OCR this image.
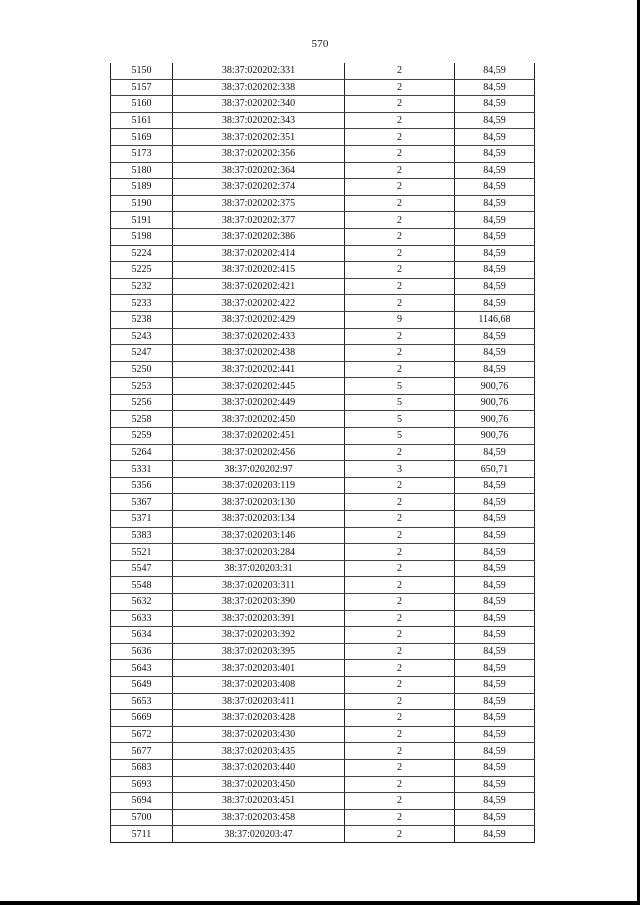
570
5150	38:37:020202:331	2	84,59
5157	38:37:020202:338	2	84,59
5160	38:37:020202:340	2	84,59
5161	38:37:020202:343	2	84,59
5169	38:37:020202:351	2	84,59
5173	38:37:020202:356	2	84,59
5180	38:37:020202:364	2	84,59
5189	38:37:020202:374	2	84,59
5190	38:37:020202:375	2	84,59
5191	38:37:020202:377	2	84,59
5198	38:37:020202:386	2	84,59
5224	38:37:020202:414	2	84,59
5225	38:37:020202:415	2	84,59
5232	38:37:020202:421	2	84,59
5233	38:37:020202:422	2	84,59
5238	38:37:020202:429	9	1146,68
5243	38:37:020202:433	2	84,59
5247	38:37:020202:438	2	84,59
5250	38:37:020202:441	2	84,59
5253	38:37:020202:445	5	900,76
5256	38:37:020202:449	5	900,76
5258	38:37:020202:450	5	900,76
5259	38:37:020202:451	5	900,76
5264	38:37:020202:456	2	84,59
5331	38:37:020202:97	3	650,71
5356	38:37:020203:119	2	84,59
5367	38:37:020203:130	2	84,59
5371	38:37:020203:134	2	84,59
5383	38:37:020203:146	2	84,59
5521	38:37:020203:284	2	84,59
5547	38:37:020203:31	2	84,59
5548	38:37:020203:311	2	84,59
5632	38:37:020203:390	2	84,59
5633	38:37:020203:391	2	84,59
5634	38:37:020203:392	2	84,59
5636	38:37:020203:395	2	84,59
5643	38:37:020203:401	2	84,59
5649	38:37:020203:408	2	84,59
5653	38:37:020203:411	2	84,59
5669	38:37:020203:428	2	84,59
5672	38:37:020203:430	2	84,59
5677	38:37:020203:435	2	84,59
5683	38:37:020203:440	2	84,59
5693	38:37:020203:450	2	84,59
5694	38:37:020203:451	2	84,59
5700	38:37:020203:458	2	84,59
5711	38:37:020203:47	2	84,59
